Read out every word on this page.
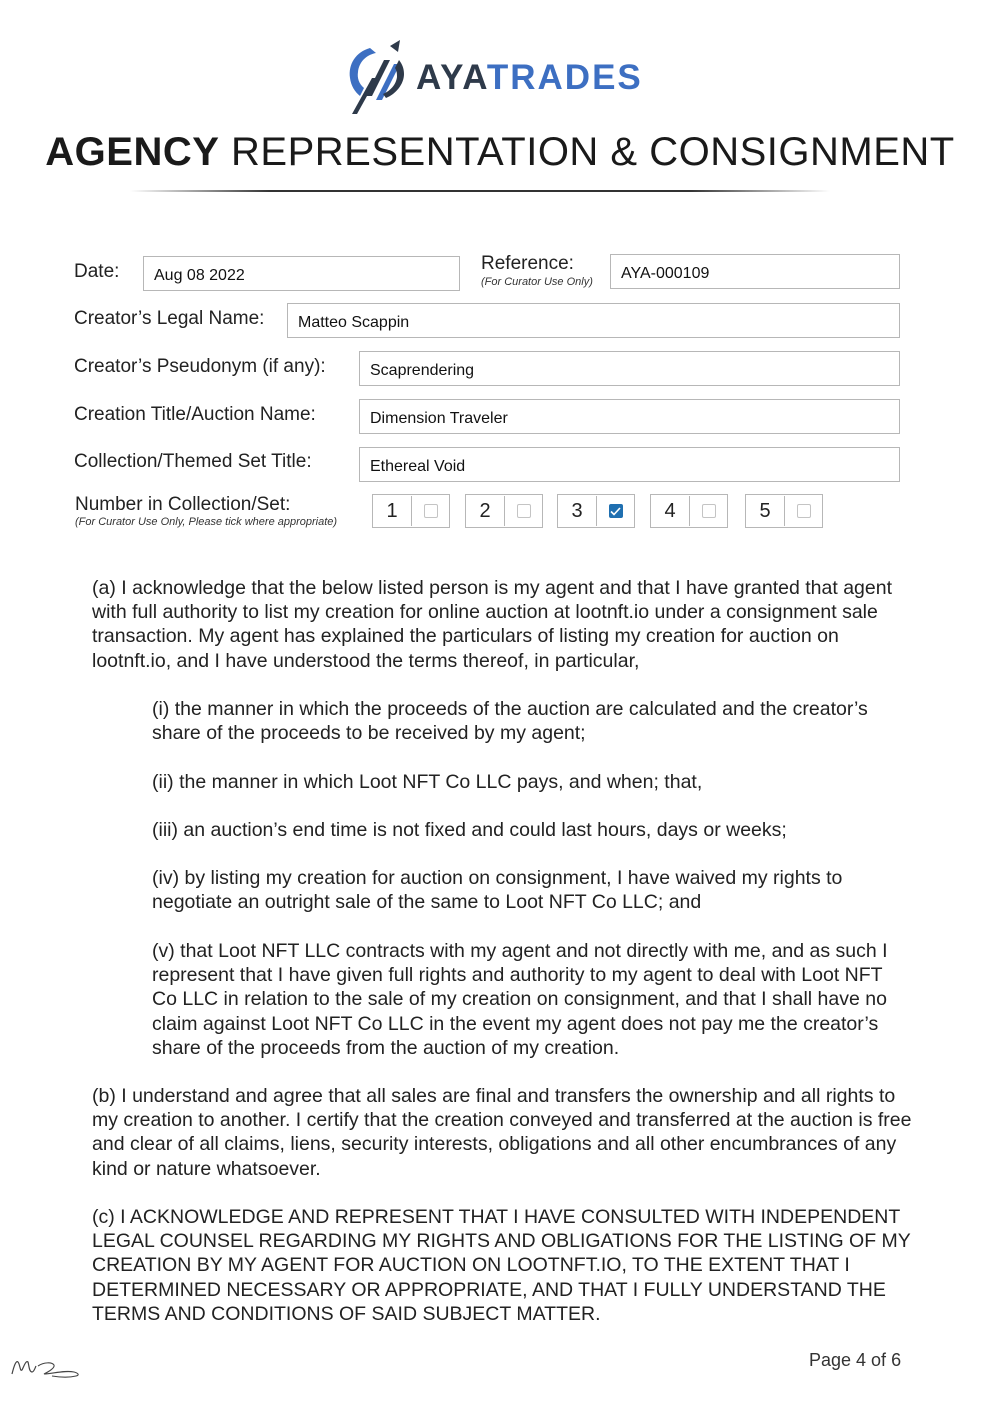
AYATRADES
AGENCY REPRESENTATION & CONSIGNMENT
Date:	Aug 08 2022
Reference:
(For Curator Use Only)
AYA-000109
Creator’s Legal Name:	Matteo Scappin
Creator’s Pseudonym (if any):	Scaprendering
Creation Title/Auction Name:	Dimension Traveler
Collection/Themed Set Title:	Ethereal Void
Number in Collection/Set:
(For Curator Use Only, Please tick where appropriate)
1	2	3	4	5

(a) I acknowledge that the below listed person is my agent and that I have granted that agent with full authority to list my creation for online auction at lootnft.io under a consignment sale transaction. My agent has explained the particulars of listing my creation for auction on lootnft.io, and I have understood the terms thereof, in particular,

(i) the manner in which the proceeds of the auction are calculated and the creator’s share of the proceeds to be received by my agent;

(ii) the manner in which Loot NFT Co LLC pays, and when; that,

(iii) an auction’s end time is not fixed and could last hours, days or weeks;

(iv) by listing my creation for auction on consignment, I have waived my rights to negotiate an outright sale of the same to Loot NFT Co LLC; and

(v) that Loot NFT LLC contracts with my agent and not directly with me, and as such I represent that I have given full rights and authority to my agent to deal with Loot NFT Co LLC in relation to the sale of my creation on consignment, and that I shall have no claim against Loot NFT Co LLC in the event my agent does not pay me the creator’s share of the proceeds from the auction of my creation.

(b) I understand and agree that all sales are final and transfers the ownership and all rights to my creation to another. I certify that the creation conveyed and transferred at the auction is free and clear of all claims, liens, security interests, obligations and all other encumbrances of any kind or nature whatsoever.

(c) I ACKNOWLEDGE AND REPRESENT THAT I HAVE CONSULTED WITH INDEPENDENT LEGAL COUNSEL REGARDING MY RIGHTS AND OBLIGATIONS FOR THE LISTING OF MY CREATION BY MY AGENT FOR AUCTION ON LOOTNFT.IO, TO THE EXTENT THAT I DETERMINED NECESSARY OR APPROPRIATE, AND THAT I FULLY UNDERSTAND THE TERMS AND CONDITIONS OF SAID SUBJECT MATTER.

Page 4 of 6
